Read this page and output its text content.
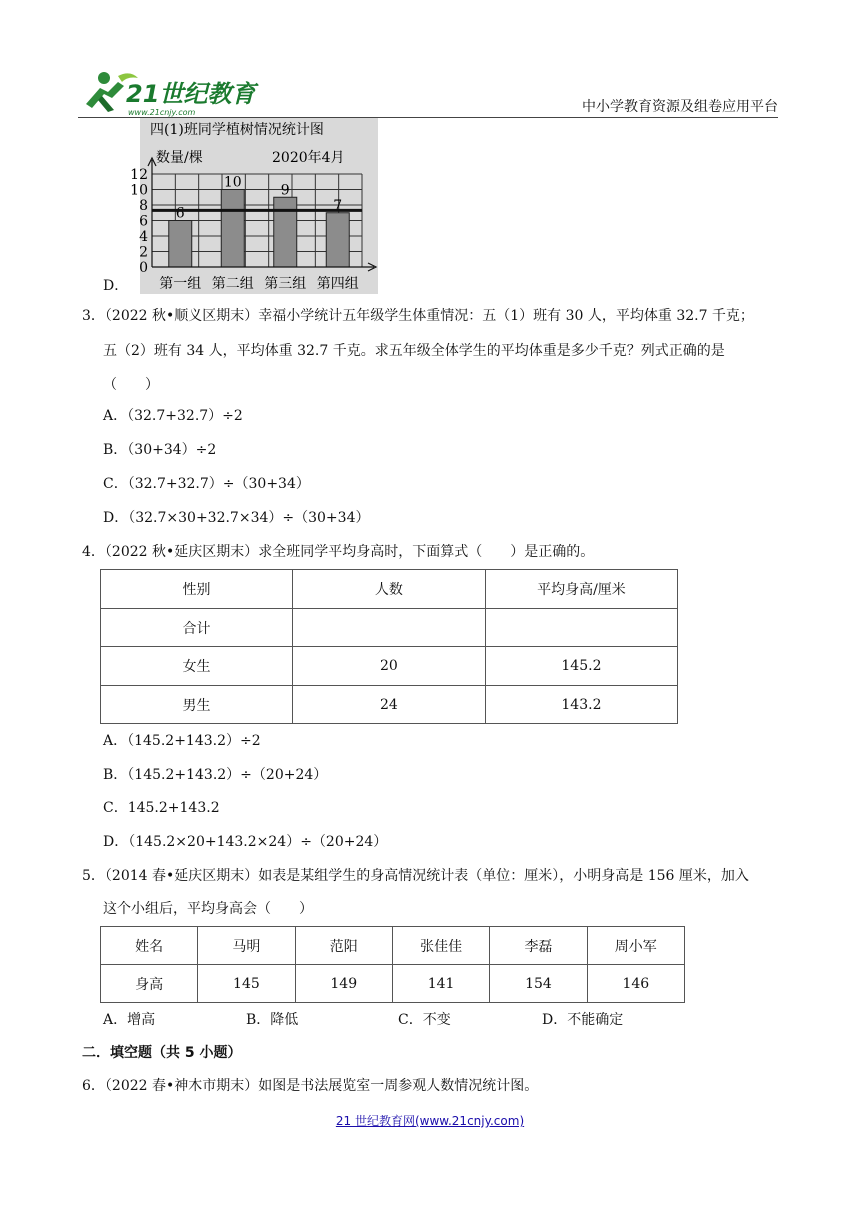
21世纪教育
www.21cnjy.com	中小学教育资源及组卷应用平台
四(1)班同学植树情况统计图
数量/棵	2020年4月
6
10	9
7
0
2
4
6
8
10
12
第一组 第二组 第三组 第四组
D．
3．（2022 秋•顺义区期末）幸福小学统计五年级学生体重情况：五（1）班有 30 人，平均体重 32.7 千克；
五（2）班有 34 人，平均体重 32.7 千克。求五年级全体学生的平均体重是多少千克？列式正确的是
（　　）
A．（32.7+32.7）÷2
B．（30+34）÷2
C．（32.7+32.7）÷（30+34）
D．（32.7×30+32.7×34）÷（30+34）
4．（2022 秋•延庆区期末）求全班同学平均身高时，下面算式（　　）是正确的。
性别	人数	平均身高/厘米
合计		
女生	20	145.2
男生	24	143.2
A．（145.2+143.2）÷2
B．（145.2+143.2）÷（20+24）
C．145.2+143.2
D．（145.2×20+143.2×24）÷（20+24）
5．（2014 春•延庆区期末）如表是某组学生的身高情况统计表（单位：厘米），小明身高是 156 厘米，加入
这个小组后，平均身高会（　　）
姓名	马明	范阳	张佳佳	李磊	周小军
身高	145	149	141	154	146
A．增高	B．降低	C．不变	D．不能确定
二．填空题（共 5 小题）
6．（2022 春•神木市期末）如图是书法展览室一周参观人数情况统计图。
21 世纪教育网(www.21cnjy.com)
